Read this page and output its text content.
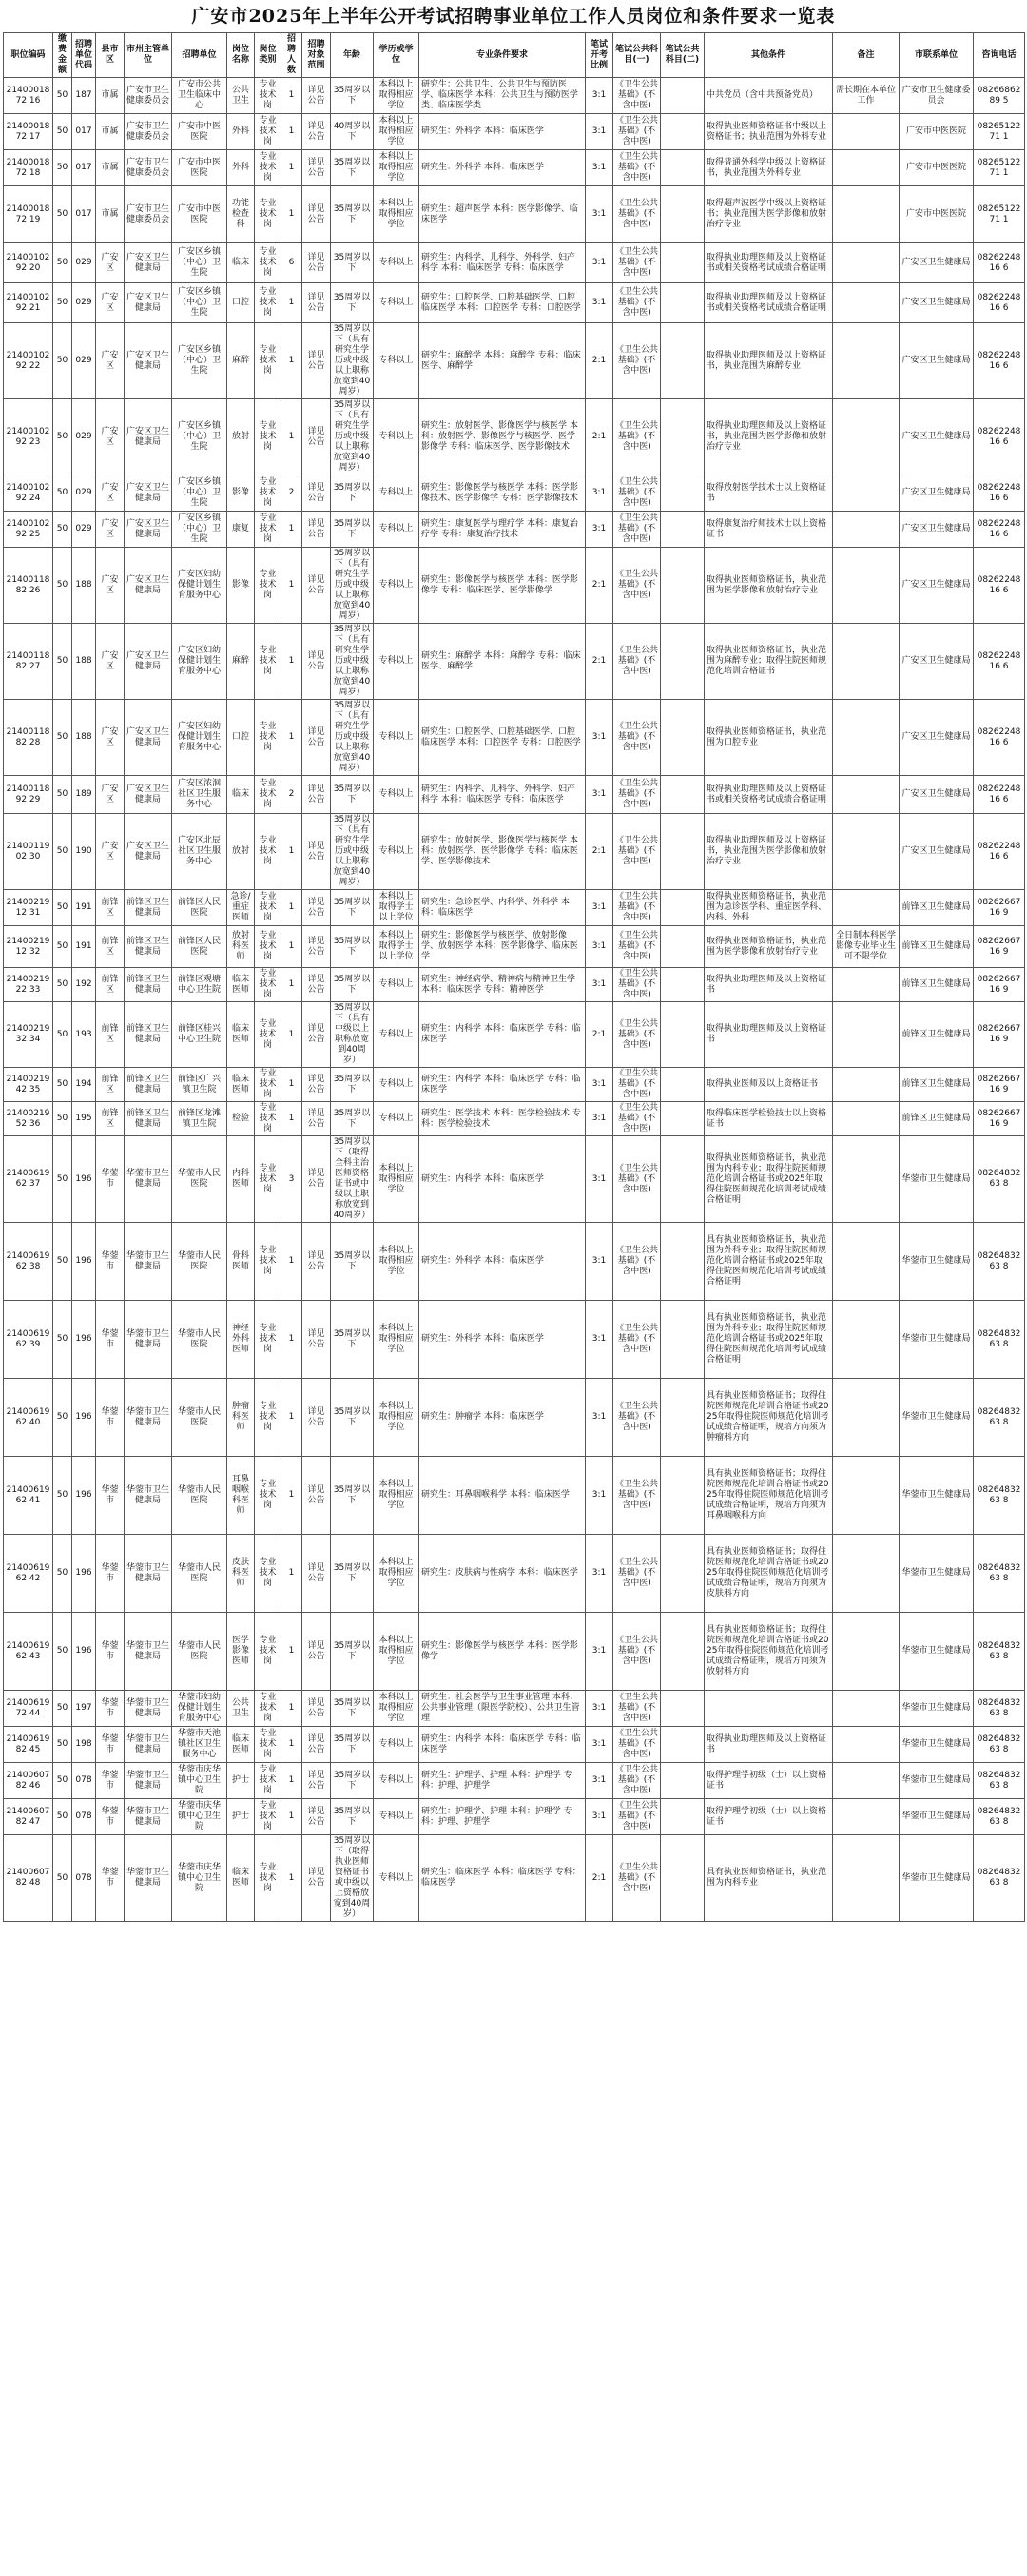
广安市2025年上半年公开考试招聘事业单位工作人员岗位和条件要求一览表
职位编码	缴费金额	招聘单位代码	县市区	市州主管单位	招聘单位	岗位名称	岗位类别	招聘人数	招聘对象范围	年龄	学历或学位	专业条件要求	笔试开考比例	笔试公共科目(一)	笔试公共科目(二)	其他条件	备注	市联系单位	咨询电话
2140001872 16	50	187	市属	广安市卫生健康委员会	广安市公共卫生临床中心	公共卫生	专业技术岗	1	详见公告	35周岁以下	本科以上取得相应学位	研究生：公共卫生、公共卫生与预防医学、临床医学 本科：公共卫生与预防医学类、临床医学类	3:1	《卫生公共基础》(不含中医)		中共党员（含中共预备党员）	需长期在本单位工作	广安市卫生健康委员会	0826686289 5
2140001872 17	50	017	市属	广安市卫生健康委员会	广安市中医医院	外科	专业技术岗	1	详见公告	40周岁以下	本科以上取得相应学位	研究生：外科学 本科：临床医学	3:1	《卫生公共基础》(不含中医)		取得执业医师资格证书中级以上资格证书；执业范围为外科专业		广安市中医医院	0826512271 1
2140001872 18	50	017	市属	广安市卫生健康委员会	广安市中医医院	外科	专业技术岗	1	详见公告	35周岁以下	本科以上取得相应学位	研究生：外科学 本科：临床医学	3:1	《卫生公共基础》(不含中医)		取得普通外科学中级以上资格证书，执业范围为外科专业		广安市中医医院	0826512271 1
2140001872 19	50	017	市属	广安市卫生健康委员会	广安市中医医院	功能检查科	专业技术岗	1	详见公告	35周岁以下	本科以上取得相应学位	研究生：超声医学 本科：医学影像学、临床医学	3:1	《卫生公共基础》(不含中医)		取得超声波医学中级以上资格证书；执业范围为医学影像和放射治疗专业		广安市中医医院	0826512271 1
2140010292 20	50	029	广安区	广安区卫生健康局	广安区乡镇（中心）卫生院	临床	专业技术岗	6	详见公告	35周岁以下	专科以上	研究生：内科学、儿科学、外科学、妇产科学 本科：临床医学 专科：临床医学	3:1	《卫生公共基础》(不含中医)		取得执业助理医师及以上资格证书或相关资格考试成绩合格证明		广安区卫生健康局	0826224816 6
2140010292 21	50	029	广安区	广安区卫生健康局	广安区乡镇（中心）卫生院	口腔	专业技术岗	1	详见公告	35周岁以下	专科以上	研究生：口腔医学、口腔基础医学、口腔临床医学 本科：口腔医学 专科：口腔医学	3:1	《卫生公共基础》(不含中医)		取得执业助理医师及以上资格证书或相关资格考试成绩合格证明		广安区卫生健康局	0826224816 6
2140010292 22	50	029	广安区	广安区卫生健康局	广安区乡镇（中心）卫生院	麻醉	专业技术岗	1	详见公告	35周岁以下（具有研究生学历或中级以上职称放宽到40周岁）	专科以上	研究生：麻醉学 本科：麻醉学 专科：临床医学、麻醉学	2:1	《卫生公共基础》(不含中医)		取得执业助理医师及以上资格证书，执业范围为麻醉专业		广安区卫生健康局	0826224816 6
2140010292 23	50	029	广安区	广安区卫生健康局	广安区乡镇（中心）卫生院	放射	专业技术岗	1	详见公告	35周岁以下（具有研究生学历或中级以上职称放宽到40周岁）	专科以上	研究生：放射医学、影像医学与核医学 本科：放射医学、影像医学与核医学、医学影像学 专科：临床医学、医学影像技术	2:1	《卫生公共基础》(不含中医)		取得执业助理医师及以上资格证书，执业范围为医学影像和放射治疗专业		广安区卫生健康局	0826224816 6
2140010292 24	50	029	广安区	广安区卫生健康局	广安区乡镇（中心）卫生院	影像	专业技术岗	2	详见公告	35周岁以下	专科以上	研究生：影像医学与核医学 本科：医学影像技术、医学影像学 专科：医学影像技术	3:1	《卫生公共基础》(不含中医)		取得放射医学技术士以上资格证书		广安区卫生健康局	0826224816 6
2140010292 25	50	029	广安区	广安区卫生健康局	广安区乡镇（中心）卫生院	康复	专业技术岗	1	详见公告	35周岁以下	专科以上	研究生：康复医学与理疗学 本科：康复治疗学 专科：康复治疗技术	3:1	《卫生公共基础》(不含中医)		取得康复治疗师技术士以上资格证书		广安区卫生健康局	0826224816 6
2140011882 26	50	188	广安区	广安区卫生健康局	广安区妇幼保健计划生育服务中心	影像	专业技术岗	1	详见公告	35周岁以下（具有研究生学历或中级以上职称放宽到40周岁）	专科以上	研究生：影像医学与核医学 本科：医学影像学 专科：临床医学、医学影像学	2:1	《卫生公共基础》(不含中医)		取得执业医师资格证书，执业范围为医学影像和放射治疗专业		广安区卫生健康局	0826224816 6
2140011882 27	50	188	广安区	广安区卫生健康局	广安区妇幼保健计划生育服务中心	麻醉	专业技术岗	1	详见公告	35周岁以下（具有研究生学历或中级以上职称放宽到40周岁）	专科以上	研究生：麻醉学 本科：麻醉学 专科：临床医学、麻醉学	2:1	《卫生公共基础》(不含中医)		取得执业医师资格证书，执业范围为麻醉专业；取得住院医师规范化培训合格证书		广安区卫生健康局	0826224816 6
2140011882 28	50	188	广安区	广安区卫生健康局	广安区妇幼保健计划生育服务中心	口腔	专业技术岗	1	详见公告	35周岁以下（具有研究生学历或中级以上职称放宽到40周岁）	专科以上	研究生：口腔医学、口腔基础医学、口腔临床医学 本科：口腔医学 专科：口腔医学	3:1	《卫生公共基础》(不含中医)		取得执业医师资格证书，执业范围为口腔专业		广安区卫生健康局	0826224816 6
2140011892 29	50	189	广安区	广安区卫生健康局	广安区浓洄社区卫生服务中心	临床	专业技术岗	2	详见公告	35周岁以下	专科以上	研究生：内科学、儿科学、外科学、妇产科学 本科：临床医学 专科：临床医学	3:1	《卫生公共基础》(不含中医)		取得执业助理医师及以上资格证书或相关资格考试成绩合格证明		广安区卫生健康局	0826224816 6
2140011902 30	50	190	广安区	广安区卫生健康局	广安区北辰社区卫生服务中心	放射	专业技术岗	1	详见公告	35周岁以下（具有研究生学历或中级以上职称放宽到40周岁）	专科以上	研究生：放射医学、影像医学与核医学 本科：放射医学、医学影像学 专科：临床医学、医学影像技术	2:1	《卫生公共基础》(不含中医)		取得执业助理医师及以上资格证书，执业范围为医学影像和放射治疗专业		广安区卫生健康局	0826224816 6
2140021912 31	50	191	前锋区	前锋区卫生健康局	前锋区人民医院	急诊/重症医师	专业技术岗	1	详见公告	35周岁以下	本科以上取得学士以上学位	研究生：急诊医学、内科学、外科学 本科：临床医学	3:1	《卫生公共基础》(不含中医)		取得执业医师资格证书，执业范围为急诊医学科、重症医学科、内科、外科		前锋区卫生健康局	0826266716 9
2140021912 32	50	191	前锋区	前锋区卫生健康局	前锋区人民医院	放射科医师	专业技术岗	1	详见公告	35周岁以下	本科以上取得学士以上学位	研究生：影像医学与核医学、放射影像学、放射医学 本科：医学影像学、临床医学	3:1	《卫生公共基础》(不含中医)		取得执业医师资格证书，执业范围为医学影像和放射治疗专业	全日制本科医学影像专业毕业生可不限学位	前锋区卫生健康局	0826266716 9
2140021922 33	50	192	前锋区	前锋区卫生健康局	前锋区观塘中心卫生院	临床医师	专业技术岗	1	详见公告	35周岁以下	专科以上	研究生：神经病学、精神病与精神卫生学 本科：临床医学 专科：精神医学	3:1	《卫生公共基础》(不含中医)		取得执业助理医师及以上资格证书		前锋区卫生健康局	0826266716 9
2140021932 34	50	193	前锋区	前锋区卫生健康局	前锋区桂兴中心卫生院	临床医师	专业技术岗	1	详见公告	35周岁以下（具有中级以上职称放宽到40周岁）	专科以上	研究生：内科学 本科：临床医学 专科：临床医学	2:1	《卫生公共基础》(不含中医)		取得执业助理医师及以上资格证书		前锋区卫生健康局	0826266716 9
2140021942 35	50	194	前锋区	前锋区卫生健康局	前锋区广兴镇卫生院	临床医师	专业技术岗	1	详见公告	35周岁以下	专科以上	研究生：内科学 本科：临床医学 专科：临床医学	3:1	《卫生公共基础》(不含中医)		取得执业医师及以上资格证书		前锋区卫生健康局	0826266716 9
2140021952 36	50	195	前锋区	前锋区卫生健康局	前锋区龙滩镇卫生院	检验	专业技术岗	1	详见公告	35周岁以下	专科以上	研究生：医学技术 本科：医学检验技术 专科：医学检验技术	3:1	《卫生公共基础》(不含中医)		取得临床医学检验技士以上资格证书		前锋区卫生健康局	0826266716 9
2140061962 37	50	196	华蓥市	华蓥市卫生健康局	华蓥市人民医院	内科医师	专业技术岗	3	详见公告	35周岁以下（取得全科主治医师资格证书或中级以上职称放宽到40周岁）	本科以上取得相应学位	研究生：内科学 本科：临床医学	3:1	《卫生公共基础》(不含中医)		取得执业医师资格证书，执业范围为内科专业；取得住院医师规范化培训合格证书或2025年取得住院医师规范化培训考试成绩合格证明		华蓥市卫生健康局	0826483263 8
2140061962 38	50	196	华蓥市	华蓥市卫生健康局	华蓥市人民医院	骨科医师	专业技术岗	1	详见公告	35周岁以下	本科以上取得相应学位	研究生：外科学 本科：临床医学	3:1	《卫生公共基础》(不含中医)		具有执业医师资格证书，执业范围为外科专业；取得住院医师规范化培训合格证书或2025年取得住院医师规范化培训考试成绩合格证明		华蓥市卫生健康局	0826483263 8
2140061962 39	50	196	华蓥市	华蓥市卫生健康局	华蓥市人民医院	神经外科医师	专业技术岗	1	详见公告	35周岁以下	本科以上取得相应学位	研究生：外科学 本科：临床医学	3:1	《卫生公共基础》(不含中医)		具有执业医师资格证书，执业范围为外科专业；取得住院医师规范化培训合格证书或2025年取得住院医师规范化培训考试成绩合格证明		华蓥市卫生健康局	0826483263 8
2140061962 40	50	196	华蓥市	华蓥市卫生健康局	华蓥市人民医院	肿瘤科医师	专业技术岗	1	详见公告	35周岁以下	本科以上取得相应学位	研究生：肿瘤学 本科：临床医学	3:1	《卫生公共基础》(不含中医)		具有执业医师资格证书；取得住院医师规范化培训合格证书或2025年取得住院医师规范化培训考试成绩合格证明，规培方向须为肿瘤科方向		华蓥市卫生健康局	0826483263 8
2140061962 41	50	196	华蓥市	华蓥市卫生健康局	华蓥市人民医院	耳鼻咽喉科医师	专业技术岗	1	详见公告	35周岁以下	本科以上取得相应学位	研究生：耳鼻咽喉科学 本科：临床医学	3:1	《卫生公共基础》(不含中医)		具有执业医师资格证书；取得住院医师规范化培训合格证书或2025年取得住院医师规范化培训考试成绩合格证明，规培方向须为耳鼻咽喉科方向		华蓥市卫生健康局	0826483263 8
2140061962 42	50	196	华蓥市	华蓥市卫生健康局	华蓥市人民医院	皮肤科医师	专业技术岗	1	详见公告	35周岁以下	本科以上取得相应学位	研究生：皮肤病与性病学 本科：临床医学	3:1	《卫生公共基础》(不含中医)		具有执业医师资格证书；取得住院医师规范化培训合格证书或2025年取得住院医师规范化培训考试成绩合格证明，规培方向须为皮肤科方向		华蓥市卫生健康局	0826483263 8
2140061962 43	50	196	华蓥市	华蓥市卫生健康局	华蓥市人民医院	医学影像医师	专业技术岗	1	详见公告	35周岁以下	本科以上取得相应学位	研究生：影像医学与核医学 本科：医学影像学	3:1	《卫生公共基础》(不含中医)		具有执业医师资格证书；取得住院医师规范化培训合格证书或2025年取得住院医师规范化培训考试成绩合格证明，规培方向须为放射科方向		华蓥市卫生健康局	0826483263 8
2140061972 44	50	197	华蓥市	华蓥市卫生健康局	华蓥市妇幼保健计划生育服务中心	公共卫生	专业技术岗	1	详见公告	35周岁以下	本科以上取得相应学位	研究生：社会医学与卫生事业管理 本科：公共事业管理（限医学院校）、公共卫生管理	3:1	《卫生公共基础》(不含中医)				华蓥市卫生健康局	0826483263 8
2140061982 45	50	198	华蓥市	华蓥市卫生健康局	华蓥市天池镇社区卫生服务中心	临床医师	专业技术岗	1	详见公告	35周岁以下	专科以上	研究生：内科学 本科：临床医学 专科：临床医学	3:1	《卫生公共基础》(不含中医)		取得执业助理医师及以上资格证书		华蓥市卫生健康局	0826483263 8
2140060782 46	50	078	华蓥市	华蓥市卫生健康局	华蓥市庆华镇中心卫生院	护士	专业技术岗	1	详见公告	35周岁以下	专科以上	研究生：护理学、护理 本科：护理学 专科：护理、护理学	3:1	《卫生公共基础》(不含中医)		取得护理学初级（士）以上资格证书		华蓥市卫生健康局	0826483263 8
2140060782 47	50	078	华蓥市	华蓥市卫生健康局	华蓥市庆华镇中心卫生院	护士	专业技术岗	1	详见公告	35周岁以下	专科以上	研究生：护理学、护理 本科：护理学 专科：护理、护理学	3:1	《卫生公共基础》(不含中医)		取得护理学初级（士）以上资格证书		华蓥市卫生健康局	0826483263 8
2140060782 48	50	078	华蓥市	华蓥市卫生健康局	华蓥市庆华镇中心卫生院	临床医师	专业技术岗	1	详见公告	35周岁以下（取得执业医师资格证书或中级以上资格放宽到40周岁）	专科以上	研究生：临床医学 本科：临床医学 专科：临床医学	2:1	《卫生公共基础》(不含中医)		具有执业医师资格证书，执业范围为内科专业		华蓥市卫生健康局	0826483263 8
